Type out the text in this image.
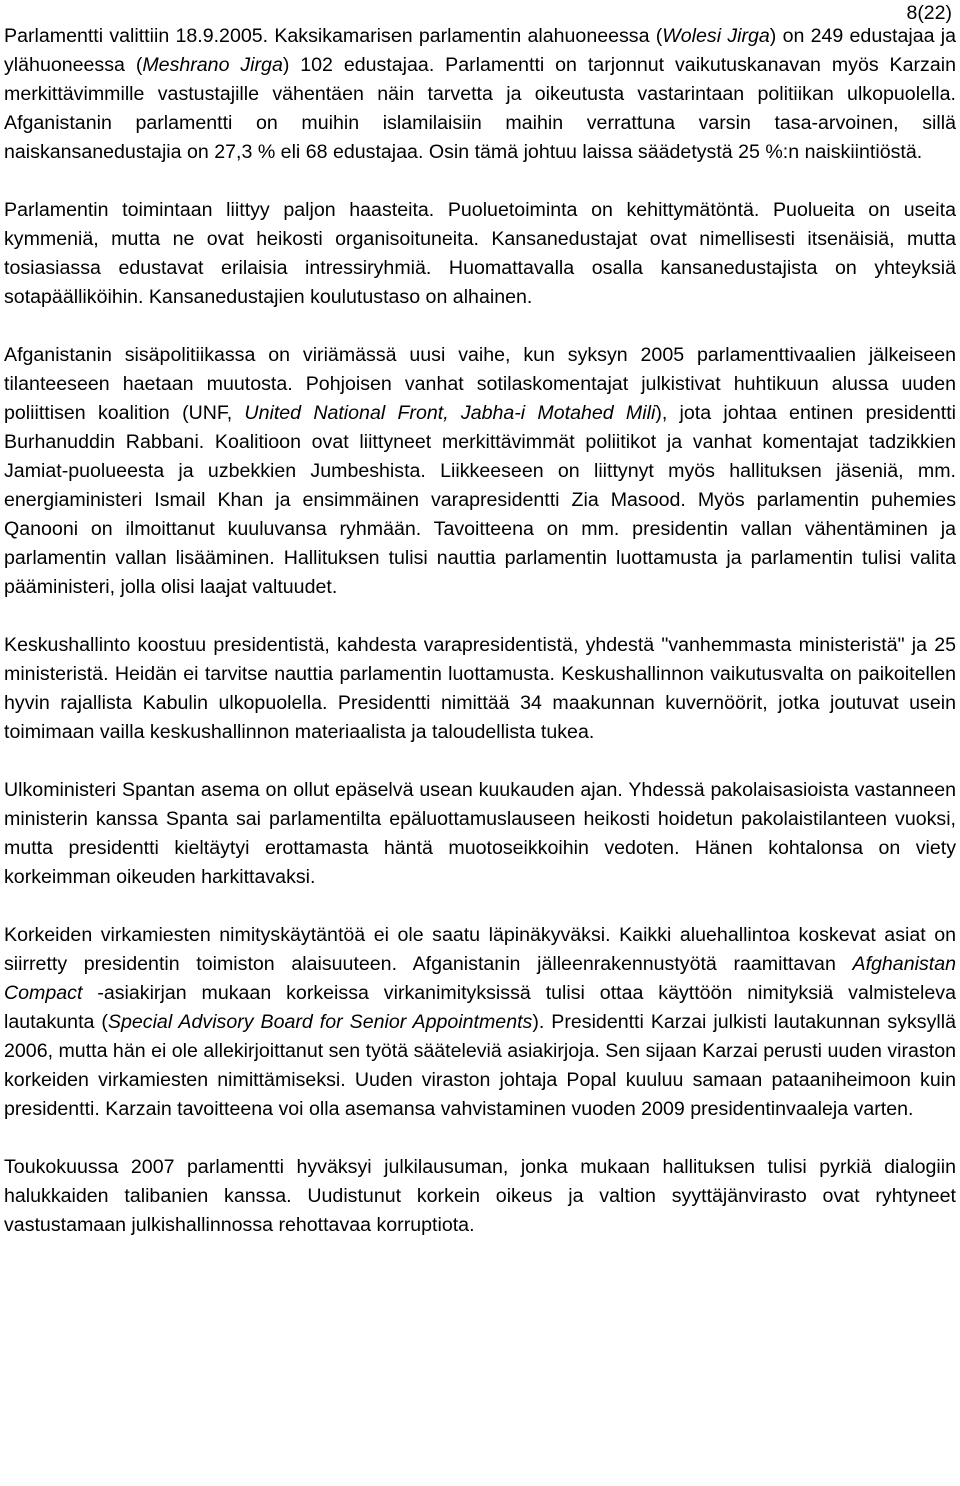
8(22)

Parlamentti valittiin 18.9.2005. Kaksikamarisen parlamentin alahuoneessa (Wolesi Jirga) on 249 edustajaa ja ylähuoneessa (Meshrano Jirga) 102 edustajaa. Parlamentti on tarjonnut vaikutuskanavan myös Karzain merkittävimmille vastustajille vähentäen näin tarvetta ja oikeutusta vastarintaan politiikan ulkopuolella. Afganistanin parlamentti on muihin islamilaisiin maihin verrattuna varsin tasa-arvoinen, sillä naiskansanedustajia on 27,3 % eli 68 edustajaa. Osin tämä johtuu laissa säädetystä 25 %:n naiskiintiöstä.

Parlamentin toimintaan liittyy paljon haasteita. Puoluetoiminta on kehittymätöntä. Puolueita on useita kymmeniä, mutta ne ovat heikosti organisoituneita. Kansanedustajat ovat nimellisesti itsenäisiä, mutta tosiasiassa edustavat erilaisia intressiryhmiä. Huomattavalla osalla kansanedustajista on yhteyksiä sotapäälliköihin. Kansanedustajien koulutustaso on alhainen.

Afganistanin sisäpolitiikassa on viriämässä uusi vaihe, kun syksyn 2005 parlamenttivaalien jälkeiseen tilanteeseen haetaan muutosta. Pohjoisen vanhat sotilaskomentajat julkistivat huhtikuun alussa uuden poliittisen koalition (UNF, United National Front, Jabha-i Motahed Mili), jota johtaa entinen presidentti Burhanuddin Rabbani. Koalitioon ovat liittyneet merkittävimmät poliitikot ja vanhat komentajat tadzikkien Jamiat-puolueesta ja uzbekkien Jumbeshista. Liikkeeseen on liittynyt myös hallituksen jäseniä, mm. energiaministeri Ismail Khan ja ensimmäinen varapresidentti Zia Masood. Myös parlamentin puhemies Qanooni on ilmoittanut kuuluvansa ryhmään. Tavoitteena on mm. presidentin vallan vähentäminen ja parlamentin vallan lisääminen. Hallituksen tulisi nauttia parlamentin luottamusta ja parlamentin tulisi valita pääministeri, jolla olisi laajat valtuudet.

Keskushallinto koostuu presidentistä, kahdesta varapresidentistä, yhdestä "vanhemmasta ministeristä" ja 25 ministeristä. Heidän ei tarvitse nauttia parlamentin luottamusta. Keskushallinnon vaikutusvalta on paikoitellen hyvin rajallista Kabulin ulkopuolella. Presidentti nimittää 34 maakunnan kuvernöörit, jotka joutuvat usein toimimaan vailla keskushallinnon materiaalista ja taloudellista tukea.

Ulkoministeri Spantan asema on ollut epäselvä usean kuukauden ajan. Yhdessä pakolaisasioista vastanneen ministerin kanssa Spanta sai parlamentilta epäluottamuslauseen heikosti hoidetun pakolaistilanteen vuoksi, mutta presidentti kieltäytyi erottamasta häntä muotoseikkoihin vedoten. Hänen kohtalonsa on viety korkeimman oikeuden harkittavaksi.

Korkeiden virkamiesten nimityskäytäntöä ei ole saatu läpinäkyväksi. Kaikki aluehallintoa koskevat asiat on siirretty presidentin toimiston alaisuuteen. Afganistanin jälleenrakennustyötä raamittavan Afghanistan Compact -asiakirjan mukaan korkeissa virkanimityksissä tulisi ottaa käyttöön nimityksiä valmisteleva lautakunta (Special Advisory Board for Senior Appointments). Presidentti Karzai julkisti lautakunnan syksyllä 2006, mutta hän ei ole allekirjoittanut sen työtä sääteleviä asiakirjoja. Sen sijaan Karzai perusti uuden viraston korkeiden virkamiesten nimittämiseksi. Uuden viraston johtaja Popal kuuluu samaan pataaniheimoon kuin presidentti. Karzain tavoitteena voi olla asemansa vahvistaminen vuoden 2009 presidentinvaaleja varten.

Toukokuussa 2007 parlamentti hyväksyi julkilausuman, jonka mukaan hallituksen tulisi pyrkiä dialogiin halukkaiden talibanien kanssa. Uudistunut korkein oikeus ja valtion syyttäjänvirasto ovat ryhtyneet vastustamaan julkishallinnossa rehottavaa korruptiota.
